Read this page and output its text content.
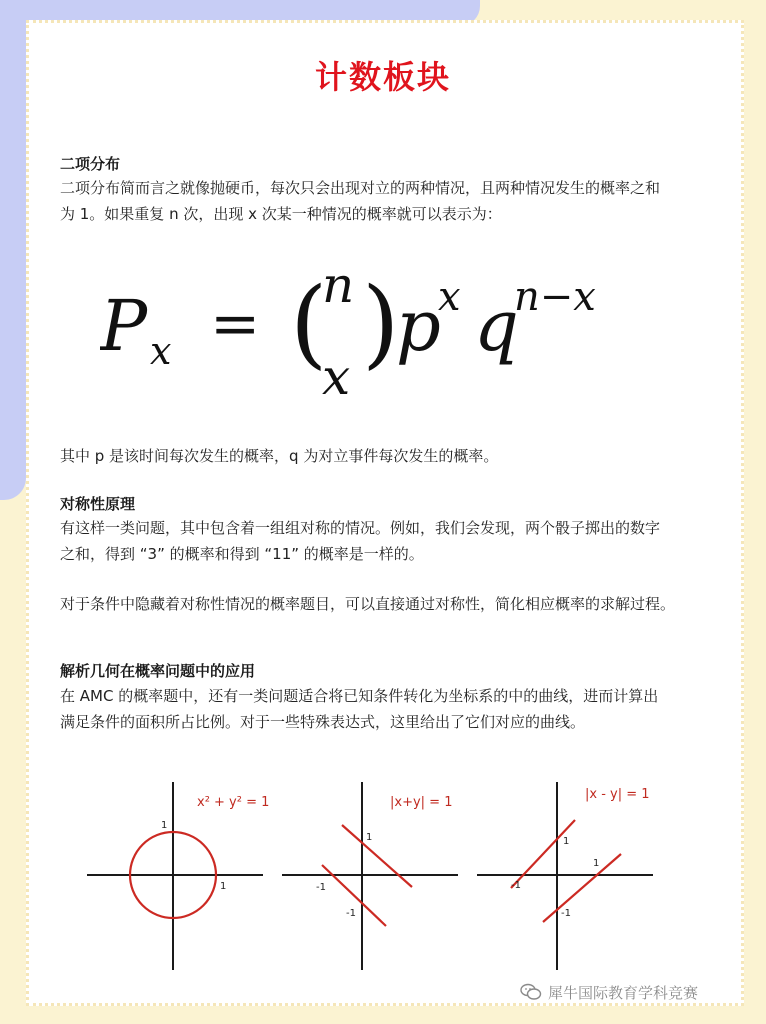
计数板块
二项分布
二项分布简而言之就像抛硬币，每次只会出现对立的两种情况，且两种情况发生的概率之和
为 1。如果重复 n 次，出现 x 次某一种情况的概率就可以表示为：
P x = (
n
x )
p
x q
n−x
其中 p 是该时间每次发生的概率，q 为对立事件每次发生的概率。
对称性原理
有这样一类问题，其中包含着一组组对称的情况。例如，我们会发现，两个骰子掷出的数字
之和，得到 “3” 的概率和得到 “11” 的概率是一样的。
对于条件中隐藏着对称性情况的概率题目，可以直接通过对称性，简化相应概率的求解过程。
解析几何在概率问题中的应用
在 AMC 的概率题中，还有一类问题适合将已知条件转化为坐标系的中的曲线，进而计算出
满足条件的面积所占比例。对于一些特殊表达式，这里给出了它们对应的曲线。
x² + y² = 1
1
1
|x+y| = 1
1
-1
-1
|x - y| = 1
1
1
-1
-1
犀牛国际教育学科竞赛
